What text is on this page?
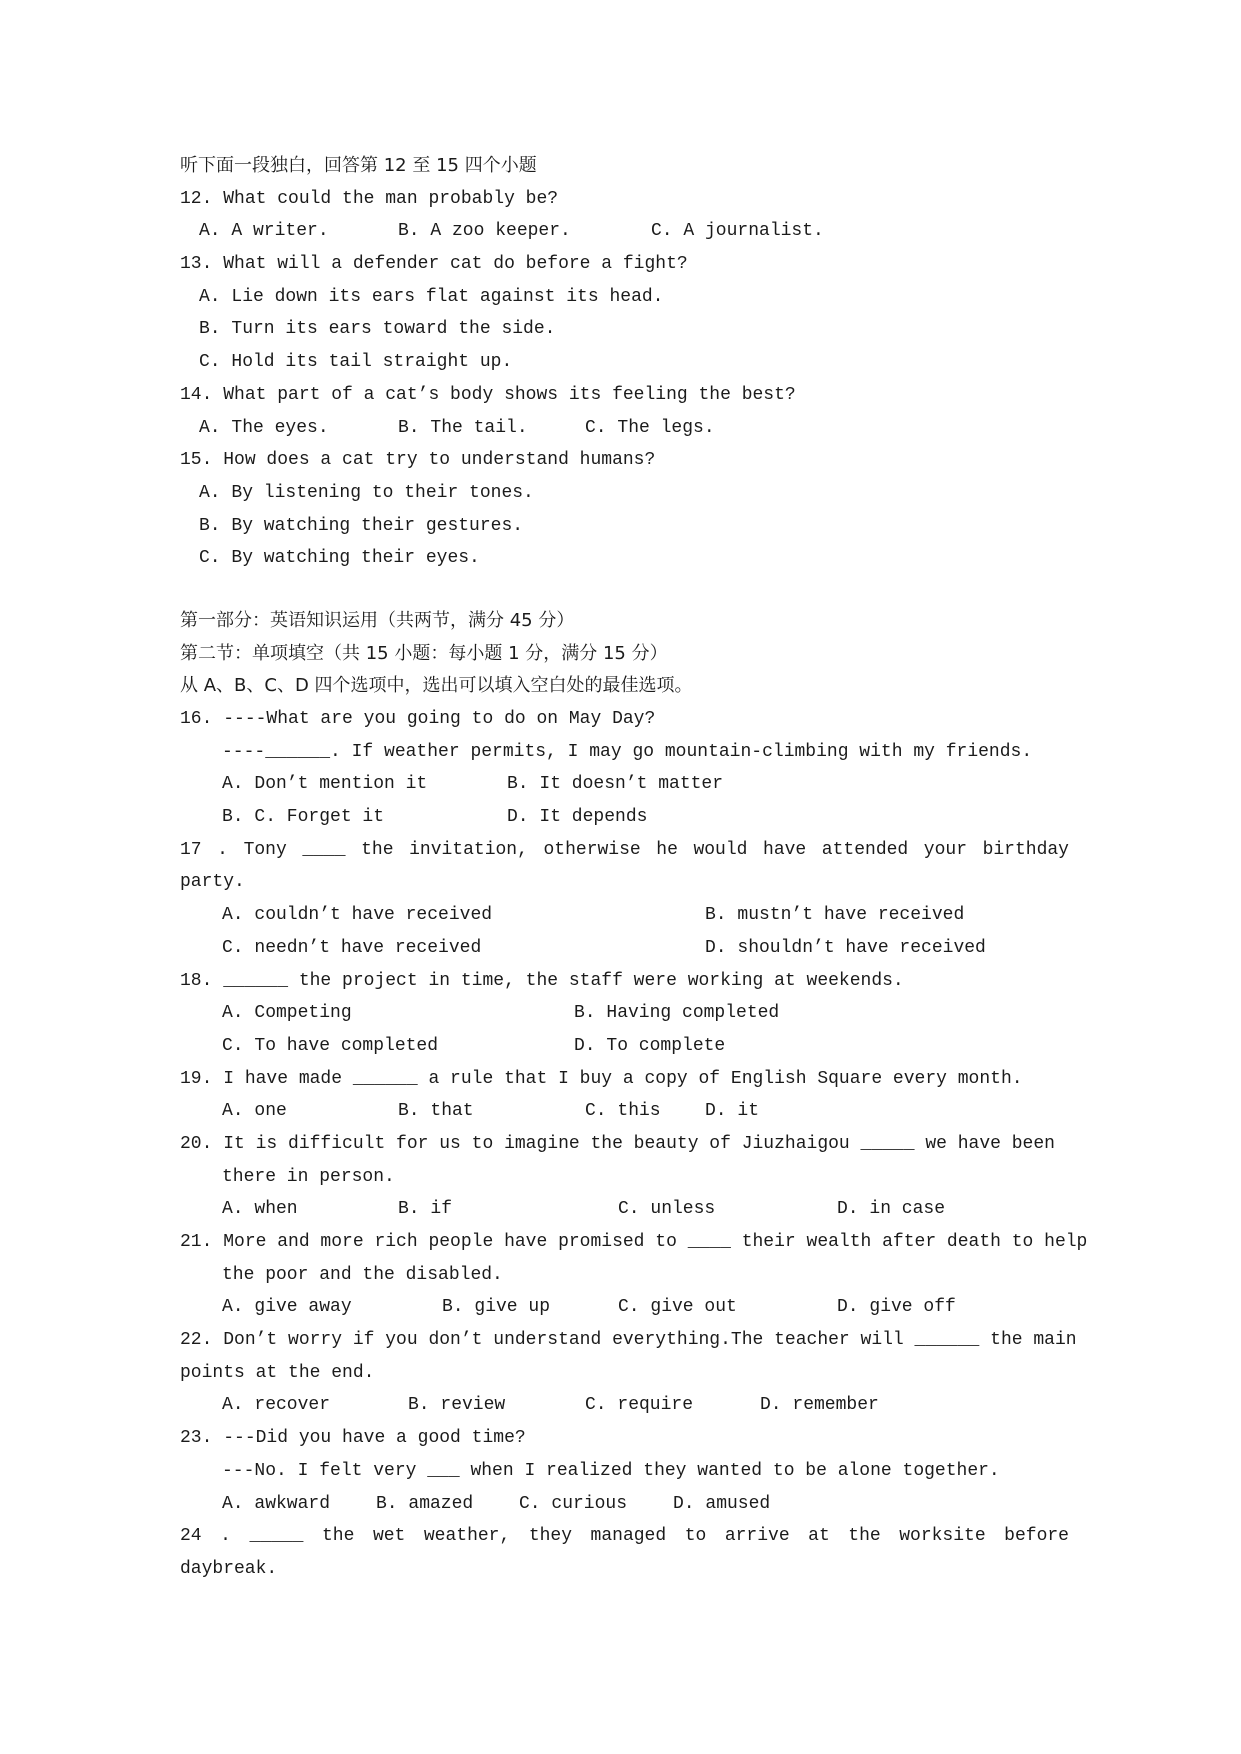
听下面一段独白，回答第 12 至 15 四个小题

12. What could the man probably be?

A. A writer.

	B. A zoo keeper.

	C. A journalist.

13. What will a defender cat do before a fight?

A. Lie down its ears flat against its head.

B. Turn its ears toward the side.

C. Hold its tail straight up.

14. What part of a cat’s body shows its feeling the best?

A. The eyes.

	B. The tail.

	C. The legs.

15. How does a cat try to understand humans?

A. By listening to their tones.

B. By watching their gestures.

C. By watching their eyes.

第一部分：英语知识运用（共两节，满分 45 分）

第二节：单项填空（共 15 小题：每小题 1 分，满分 15 分）

从 A、B、C、D 四个选项中，选出可以填入空白处的最佳选项。

16. ----What are you going to do on May Day?

----______. If weather permits, I may go mountain-climbing with my friends.

A. Don’t mention it

	B. It doesn’t matter

B. C. Forget it

	D. It depends

17 . Tony ____ the invitation, otherwise he would have attended your birthday

party.

A. couldn’t have received

	B. mustn’t have received

C. needn’t have received

	D. shouldn’t have received

18. ______ the project in time, the staff were working at weekends.

A. Competing

	B. Having completed

C. To have completed

	D. To complete

19. I have made ______ a rule that I buy a copy of English Square every month.

A. one

	B. that

	C. this

D. it

20. It is difficult for us to imagine the beauty of Jiuzhaigou _____ we have been

there in person.

A. when

	B. if

	C. unless

	D. in case

21. More and more rich people have promised to ____ their wealth after death to help

the poor and the disabled.

A. give away

	B. give up

	C. give out

	D. give off

22. Don’t worry if you don’t understand everything.The teacher will ______ the main

points at the end.

A. recover

	B. review

	C. require

	D. remember

23. ---Did you have a good time?

---No. I felt very ___ when I realized they wanted to be alone together.

A. awkward

	B. amazed

	C. curious

	D. amused

24 . _____ the wet weather, they managed to arrive at the worksite before

daybreak.
